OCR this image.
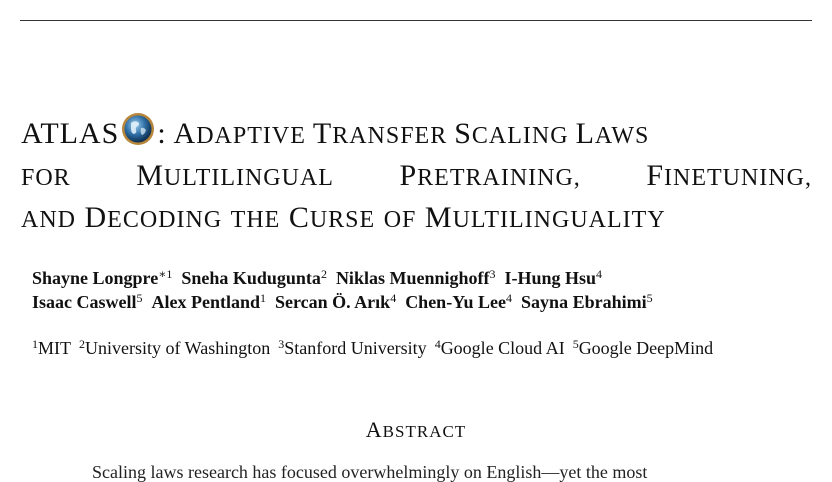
ATLAS : ADAPTIVE TRANSFER SCALING LAWS
FOR MULTILINGUAL PRETRAINING, FINETUNING,
AND DECODING THE CURSE OF MULTILINGUALITY
Shayne Longpre$^{∗1}$ Sneha Kudugunta$^2$ Niklas Muennighoff$^3$ I-Hung Hsu$^4$
Isaac Caswell$^5$ Alex Pentland$^1$ Sercan Ö. Arık$^4$ Chen-Yu Lee$^4$ Sayna Ebrahimi$^5$
$^1$MIT $^2$University of Washington $^3$Stanford University $^4$Google Cloud AI $^5$Google DeepMind
ABSTRACT
Scaling laws research has focused overwhelmingly on English—yet the most
